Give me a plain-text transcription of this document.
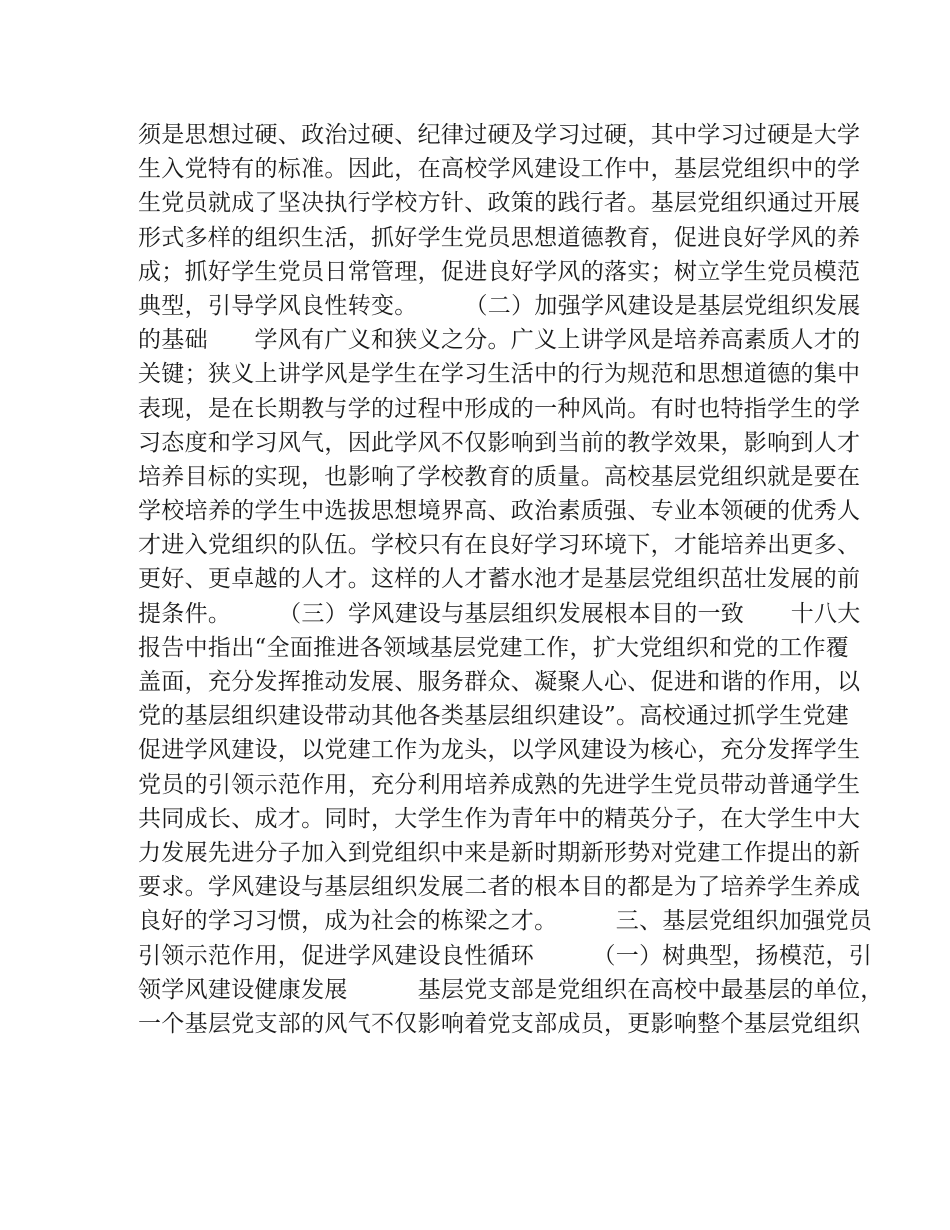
须是思想过硬、政治过硬、纪律过硬及学习过硬，其中学习过硬是大学
生入党特有的标准。因此，在高校学风建设工作中，基层党组织中的学
生党员就成了坚决执行学校方针、政策的践行者。基层党组织通过开展
形式多样的组织生活，抓好学生党员思想道德教育，促进良好学风的养
成；抓好学生党员日常管理，促进良好学风的落实；树立学生党员模范
典型，引导学风良性转变。　　　（二）加强学风建设是基层党组织发展
的基础　　学风有广义和狭义之分。广义上讲学风是培养高素质人才的
关键；狭义上讲学风是学生在学习生活中的行为规范和思想道德的集中
表现，是在长期教与学的过程中形成的一种风尚。有时也特指学生的学
习态度和学习风气，因此学风不仅影响到当前的教学效果，影响到人才
培养目标的实现，也影响了学校教育的质量。高校基层党组织就是要在
学校培养的学生中选拔思想境界高、政治素质强、专业本领硬的优秀人
才进入党组织的队伍。学校只有在良好学习环境下，才能培养出更多、
更好、更卓越的人才。这样的人才蓄水池才是基层党组织茁壮发展的前
提条件。　　　（三）学风建设与基层组织发展根本目的一致　　十八大
报告中指出“全面推进各领域基层党建工作，扩大党组织和党的工作覆
盖面，充分发挥推动发展、服务群众、凝聚人心、促进和谐的作用，以
党的基层组织建设带动其他各类基层组织建设”。高校通过抓学生党建
促进学风建设，以党建工作为龙头，以学风建设为核心，充分发挥学生
党员的引领示范作用，充分利用培养成熟的先进学生党员带动普通学生
共同成长、成才。同时，大学生作为青年中的精英分子，在大学生中大
力发展先进分子加入到党组织中来是新时期新形势对党建工作提出的新
要求。学风建设与基层组织发展二者的根本目的都是为了培养学生养成
良好的学习习惯，成为社会的栋梁之才。　　　三、基层党组织加强党员
引领示范作用，促进学风建设良性循环　　　（一）树典型，扬模范，引
领学风建设健康发展　　　基层党支部是党组织在高校中最基层的单位，
一个基层党支部的风气不仅影响着党支部成员，更影响整个基层党组织
